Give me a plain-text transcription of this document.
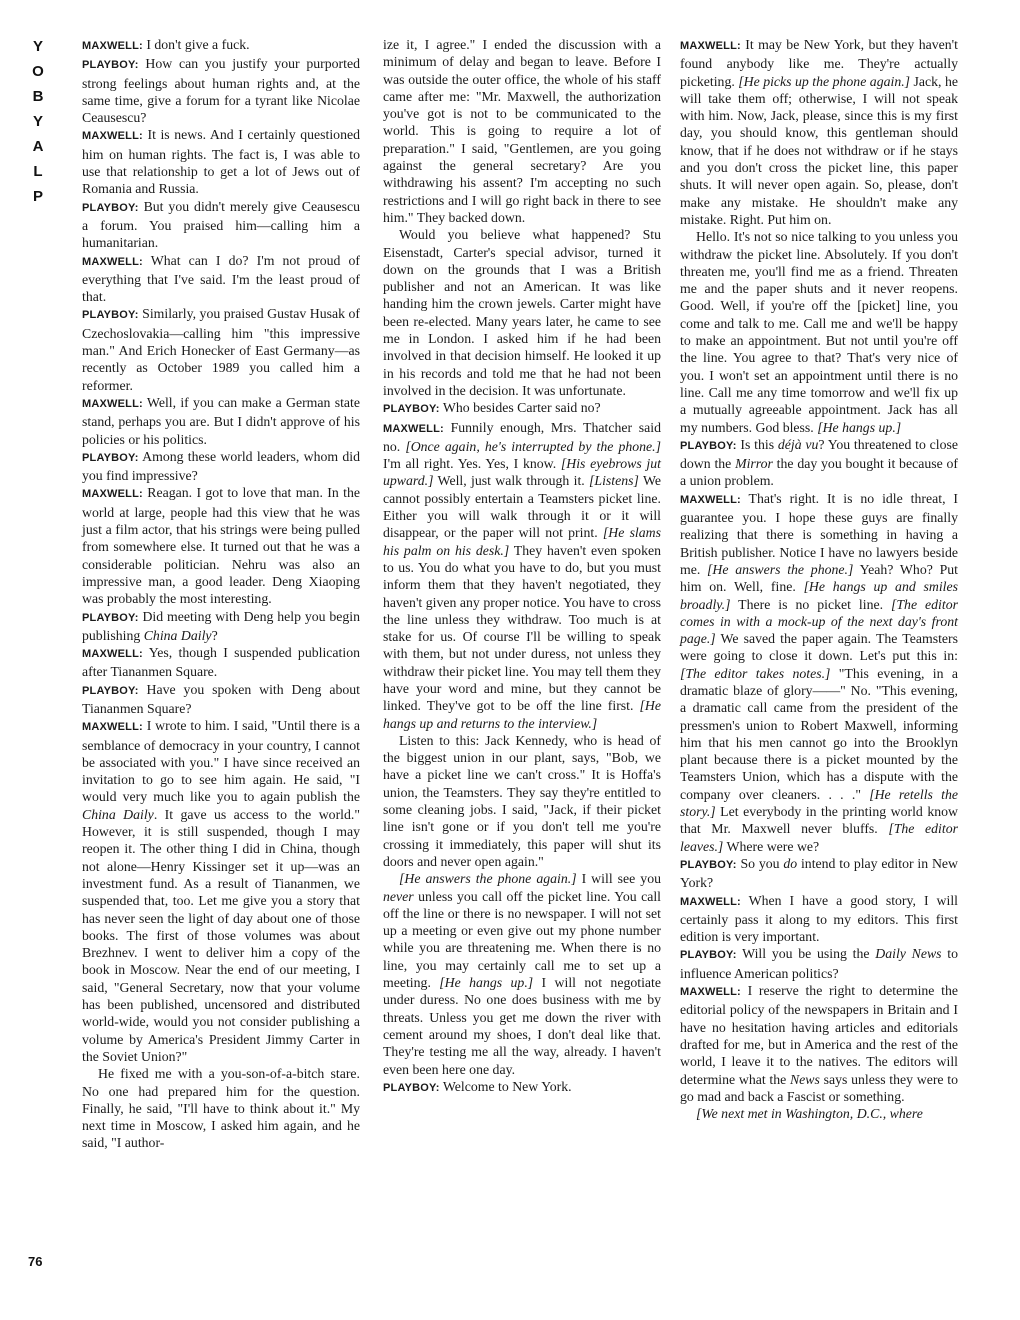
Y
O
B
Y
A
L
P
76

MAXWELL: I don't give a fuck.

PLAYBOY: How can you justify your purported strong feelings about human rights and, at the same time, give a forum for a tyrant like Nicolae Ceausescu?

MAXWELL: It is news. And I certainly questioned him on human rights. The fact is, I was able to use that relationship to get a lot of Jews out of Romania and Russia.

PLAYBOY: But you didn't merely give Ceausescu a forum. You praised him—calling him a humanitarian.

MAXWELL: What can I do? I'm not proud of everything that I've said. I'm the least proud of that.

PLAYBOY: Similarly, you praised Gustav Husak of Czechoslovakia—calling him "this impressive man." And Erich Honecker of East Germany—as recently as October 1989 you called him a reformer.

MAXWELL: Well, if you can make a German state stand, perhaps you are. But I didn't approve of his policies or his politics.

PLAYBOY: Among these world leaders, whom did you find impressive?

MAXWELL: Reagan. I got to love that man. In the world at large, people had this view that he was just a film actor, that his strings were being pulled from somewhere else. It turned out that he was a considerable politician. Nehru was also an impressive man, a good leader. Deng Xiaoping was probably the most interesting.

PLAYBOY: Did meeting with Deng help you begin publishing China Daily?

MAXWELL: Yes, though I suspended publication after Tiananmen Square.

PLAYBOY: Have you spoken with Deng about Tiananmen Square?

MAXWELL: I wrote to him. I said, "Until there is a semblance of democracy in your country, I cannot be associated with you." I have since received an invitation to go to see him again. He said, "I would very much like you to again publish the China Daily. It gave us access to the world." However, it is still suspended, though I may reopen it. The other thing I did in China, though not alone—Henry Kissinger set it up—was an investment fund. As a result of Tiananmen, we suspended that, too. Let me give you a story that has never seen the light of day about one of those books. The first of those volumes was about Brezhnev. I went to deliver him a copy of the book in Moscow. Near the end of our meeting, I said, "General Secretary, now that your volume has been published, uncensored and distributed world-wide, would you not consider publishing a volume by America's President Jimmy Carter in the Soviet Union?"

He fixed me with a you-son-of-a-bitch stare. No one had prepared him for the question. Finally, he said, "I'll have to think about it." My next time in Moscow, I asked him again, and he said, "I author-

ize it, I agree." I ended the discussion with a minimum of delay and began to leave. Before I was outside the outer office, the whole of his staff came after me: "Mr. Maxwell, the authorization you've got is not to be communicated to the world. This is going to require a lot of preparation." I said, "Gentlemen, are you going against the general secretary? Are you withdrawing his assent? I'm accepting no such restrictions and I will go right back in there to see him." They backed down.

Would you believe what happened? Stu Eisenstadt, Carter's special advisor, turned it down on the grounds that I was a British publisher and not an American. It was like handing him the crown jewels. Carter might have been re-elected. Many years later, he came to see me in London. I asked him if he had been involved in that decision himself. He looked it up in his records and told me that he had not been involved in the decision. It was unfortunate.

PLAYBOY: Who besides Carter said no?

MAXWELL: Funnily enough, Mrs. Thatcher said no. [Once again, he's interrupted by the phone.] I'm all right. Yes. Yes, I know. [His eyebrows jut upward.] Well, just walk through it. [Listens] We cannot possibly entertain a Teamsters picket line. Either you will walk through it or it will disappear, or the paper will not print. [He slams his palm on his desk.] They haven't even spoken to us. You do what you have to do, but you must inform them that they haven't negotiated, they haven't given any proper notice. You have to cross the line unless they withdraw. Too much is at stake for us. Of course I'll be willing to speak with them, but not under duress, not unless they withdraw their picket line. You may tell them they have your word and mine, but they cannot be linked. They've got to be off the line first. [He hangs up and returns to the interview.]

Listen to this: Jack Kennedy, who is head of the biggest union in our plant, says, "Bob, we have a picket line we can't cross." It is Hoffa's union, the Teamsters. They say they're entitled to some cleaning jobs. I said, "Jack, if their picket line isn't gone or if you don't tell me you're crossing it immediately, this paper will shut its doors and never open again."

[He answers the phone again.] I will see you never unless you call off the picket line. You call off the line or there is no newspaper. I will not set up a meeting or even give out my phone number while you are threatening me. When there is no line, you may certainly call me to set up a meeting. [He hangs up.] I will not negotiate under duress. No one does business with me by threats. Unless you get me down the river with cement around my shoes, I don't deal like that. They're testing me all the way, already. I haven't even been here one day.

PLAYBOY: Welcome to New York.

MAXWELL: It may be New York, but they haven't found anybody like me. They're actually picketing. [He picks up the phone again.] Jack, he will take them off; otherwise, I will not speak with him. Now, Jack, please, since this is my first day, you should know, this gentleman should know, that if he does not withdraw or if he stays and you don't cross the picket line, this paper shuts. It will never open again. So, please, don't make any mistake. He shouldn't make any mistake. Right. Put him on.

Hello. It's not so nice talking to you unless you withdraw the picket line. Absolutely. If you don't threaten me, you'll find me as a friend. Threaten me and the paper shuts and it never reopens. Good. Well, if you're off the [picket] line, you come and talk to me. Call me and we'll be happy to make an appointment. But not until you're off the line. You agree to that? That's very nice of you. I won't set an appointment until there is no line. Call me any time tomorrow and we'll fix up a mutually agreeable appointment. Jack has all my numbers. God bless. [He hangs up.]

PLAYBOY: Is this déjà vu? You threatened to close down the Mirror the day you bought it because of a union problem.

MAXWELL: That's right. It is no idle threat, I guarantee you. I hope these guys are finally realizing that there is something in having a British publisher. Notice I have no lawyers beside me. [He answers the phone.] Yeah? Who? Put him on. Well, fine. [He hangs up and smiles broadly.] There is no picket line. [The editor comes in with a mock-up of the next day's front page.] We saved the paper again. The Teamsters were going to close it down. Let's put this in: [The editor takes notes.] "This evening, in a dramatic blaze of glory——" No. "This evening, a dramatic call came from the president of the pressmen's union to Robert Maxwell, informing him that his men cannot go into the Brooklyn plant because there is a picket mounted by the Teamsters Union, which has a dispute with the company over cleaners. . . ." [He retells the story.] Let everybody in the printing world know that Mr. Maxwell never bluffs. [The editor leaves.] Where were we?

PLAYBOY: So you do intend to play editor in New York?

MAXWELL: When I have a good story, I will certainly pass it along to my editors. This first edition is very important.

PLAYBOY: Will you be using the Daily News to influence American politics?

MAXWELL: I reserve the right to determine the editorial policy of the newspapers in Britain and I have no hesitation having articles and editorials drafted for me, but in America and the rest of the world, I leave it to the natives. The editors will determine what the News says unless they were to go mad and back a Fascist or something.

[We next met in Washington, D.C., where
